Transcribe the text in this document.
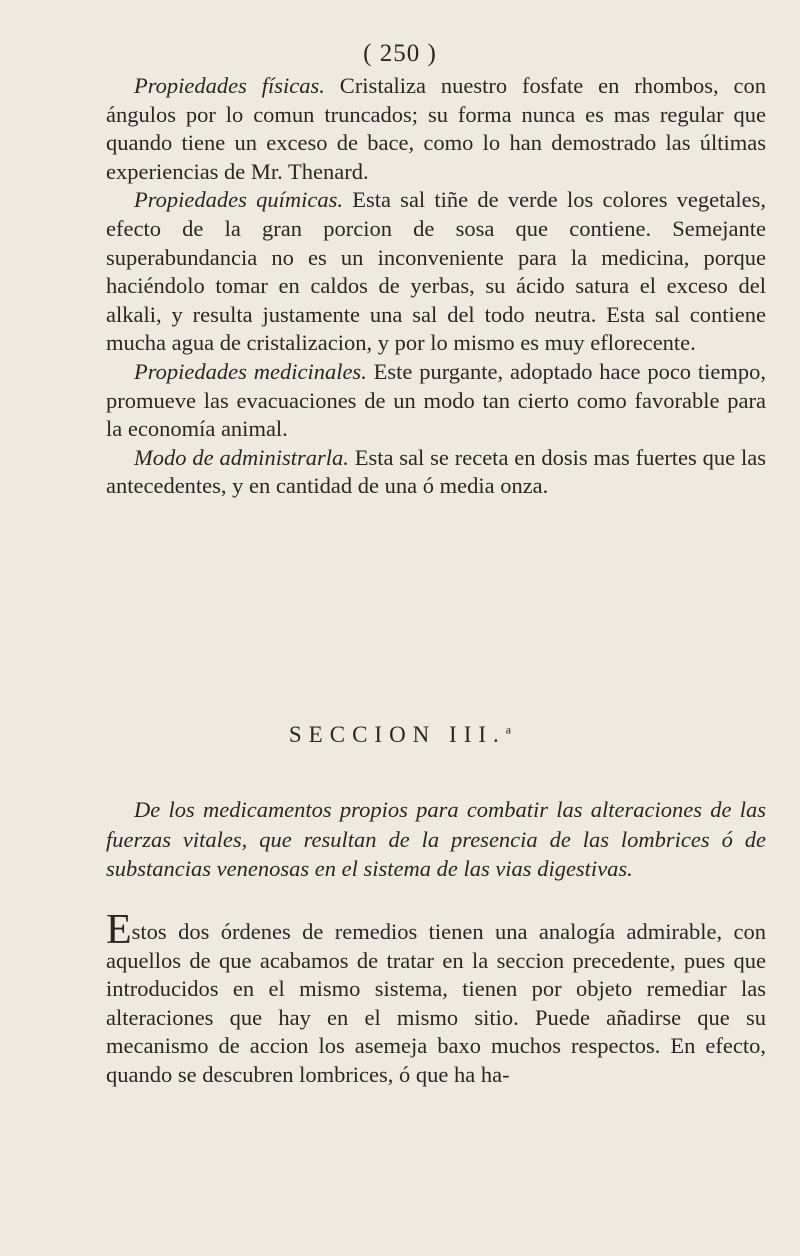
( 250 )

Propiedades físicas. Cristaliza nuestro fosfate en rhombos, con ángulos por lo comun truncados; su forma nunca es mas regular que quando tiene un exceso de bace, como lo han demostrado las últimas experiencias de Mr. Thenard.

Propiedades químicas. Esta sal tiñe de verde los colores vegetales, efecto de la gran porcion de sosa que contiene. Semejante superabundancia no es un inconveniente para la medicina, porque haciéndolo tomar en caldos de yerbas, su ácido satura el exceso del alkali, y resulta justamente una sal del todo neutra. Esta sal contiene mucha agua de cristalizacion, y por lo mismo es muy eflorecente.

Propiedades medicinales. Este purgante, adoptado hace poco tiempo, promueve las evacuaciones de un modo tan cierto como favorable para la economía animal.

Modo de administrarla. Esta sal se receta en dosis mas fuertes que las antecedentes, y en cantidad de una ó media onza.

SECCION III.$^a$
De los medicamentos propios para combatir las alteraciones de las fuerzas vitales, que resultan de la presencia de las lombrices ó de substancias venenosas en el sistema de las vias digestivas.
Estos dos órdenes de remedios tienen una analogía admirable, con aquellos de que acabamos de tratar en la seccion precedente, pues que introducidos en el mismo sistema, tienen por objeto remediar las alteraciones que hay en el mismo sitio. Puede añadirse que su mecanismo de accion los asemeja baxo muchos respectos. En efecto, quando se descubren lombrices, ó que ha ha-
